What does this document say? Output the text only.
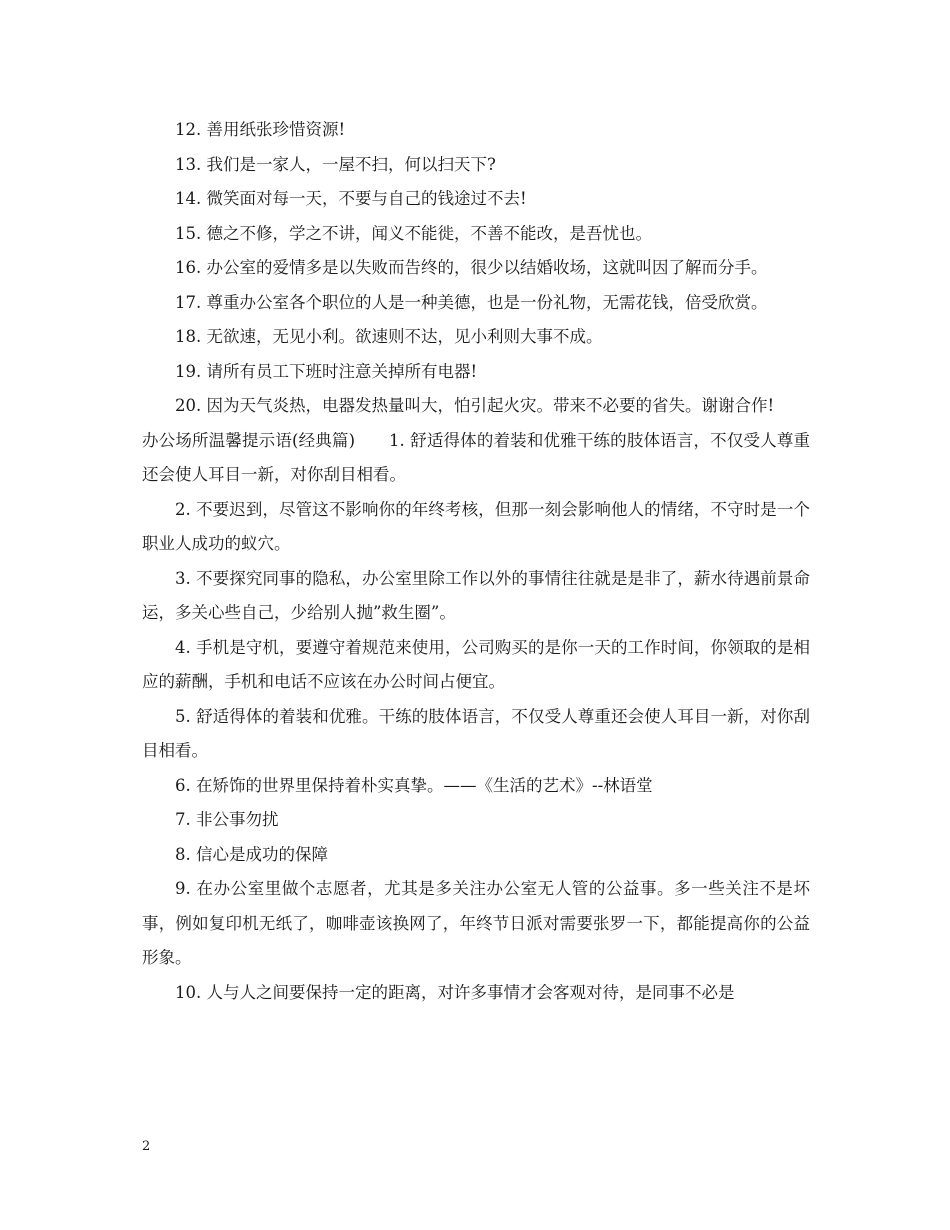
12. 善用纸张珍惜资源!

13. 我们是一家人，一屋不扫，何以扫天下?

14. 微笑面对每一天，不要与自己的钱途过不去!

15. 德之不修，学之不讲，闻义不能徙，不善不能改，是吾忧也。

16. 办公室的爱情多是以失败而告终的，很少以结婚收场，这就叫因了解而分手。

17. 尊重办公室各个职位的人是一种美德，也是一份礼物，无需花钱，倍受欣赏。

18. 无欲速，无见小利。欲速则不达，见小利则大事不成。

19. 请所有员工下班时注意关掉所有电器!

20. 因为天气炎热，电器发热量叫大，怕引起火灾。带来不必要的省失。谢谢合作!

办公场所温馨提示语(经典篇) 1. 舒适得体的着装和优雅干练的肢体语言，不仅受人尊重还会使人耳目一新，对你刮目相看。

2. 不要迟到，尽管这不影响你的年终考核，但那一刻会影响他人的情绪，不守时是一个职业人成功的蚁穴。

3. 不要探究同事的隐私，办公室里除工作以外的事情往往就是是非了，薪水待遇前景命运，多关心些自己，少给别人抛”救生圈”。

4. 手机是守机，要遵守着规范来使用，公司购买的是你一天的工作时间，你领取的是相应的薪酬，手机和电话不应该在办公时间占便宜。

5. 舒适得体的着装和优雅。干练的肢体语言，不仅受人尊重还会使人耳目一新，对你刮目相看。

6. 在矫饰的世界里保持着朴实真挚。——《生活的艺术》--林语堂

7. 非公事勿扰

8. 信心是成功的保障

9. 在办公室里做个志愿者，尤其是多关注办公室无人管的公益事。多一些关注不是坏事，例如复印机无纸了，咖啡壶该换网了，年终节日派对需要张罗一下，都能提高你的公益形象。

10. 人与人之间要保持一定的距离，对许多事情才会客观对待，是同事不必是

2
